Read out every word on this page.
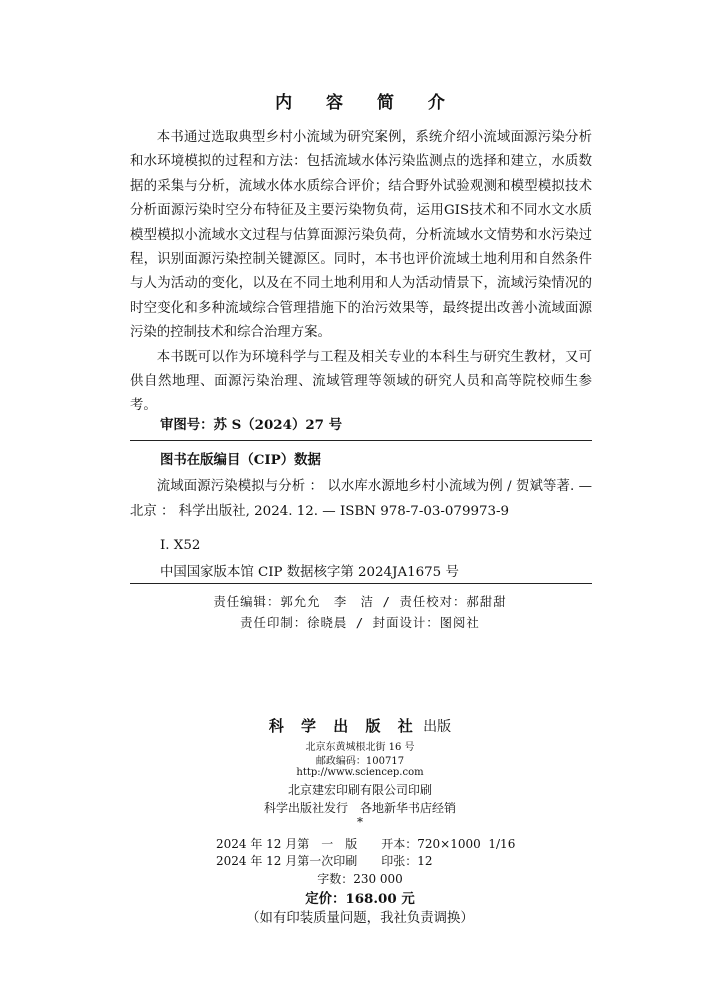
内 容 简 介

本书通过选取典型乡村小流域为研究案例，系统介绍小流域面源污染分析和水环境模拟的过程和方法：包括流域水体污染监测点的选择和建立，水质数据的采集与分析，流域水体水质综合评价；结合野外试验观测和模型模拟技术分析面源污染时空分布特征及主要污染物负荷，运用GIS技术和不同水文水质模型模拟小流域水文过程与估算面源污染负荷，分析流域水文情势和水污染过程，识别面源污染控制关键源区。同时，本书也评价流域土地利用和自然条件与人为活动的变化，以及在不同土地利用和人为活动情景下，流域污染情况的时空变化和多种流域综合管理措施下的治污效果等，最终提出改善小流域面源污染的控制技术和综合治理方案。

本书既可以作为环境科学与工程及相关专业的本科生与研究生教材，又可供自然地理、面源污染治理、流域管理等领域的研究人员和高等院校师生参考。

审图号：苏 S（2024）27 号
图书在版编目（CIP）数据

流域面源污染模拟与分析 ： 以水库水源地乡村小流域为例 / 贺斌等著. — 北京 ： 科学出版社, 2024. 12. — ISBN 978-7-03-079973-9

Ⅰ. X52
中国国家版本馆 CIP 数据核字第 2024JA1675 号
责任编辑：郭允允　李　洁 / 责任校对：郝甜甜
责任印制：徐晓晨 / 封面设计：图阅社
科 学 出 版 社 出版
北京东黄城根北街 16 号
邮政编码：100717
http://www.sciencep.com
北京建宏印刷有限公司印刷
科学出版社发行　各地新华书店经销
*
2024 年 12 月第　一　版　　开本：720×1000  1/16
2024 年 12 月第一次印刷　　印张：12
字数：230 000
定价：168.00 元
（如有印装质量问题，我社负责调换）
